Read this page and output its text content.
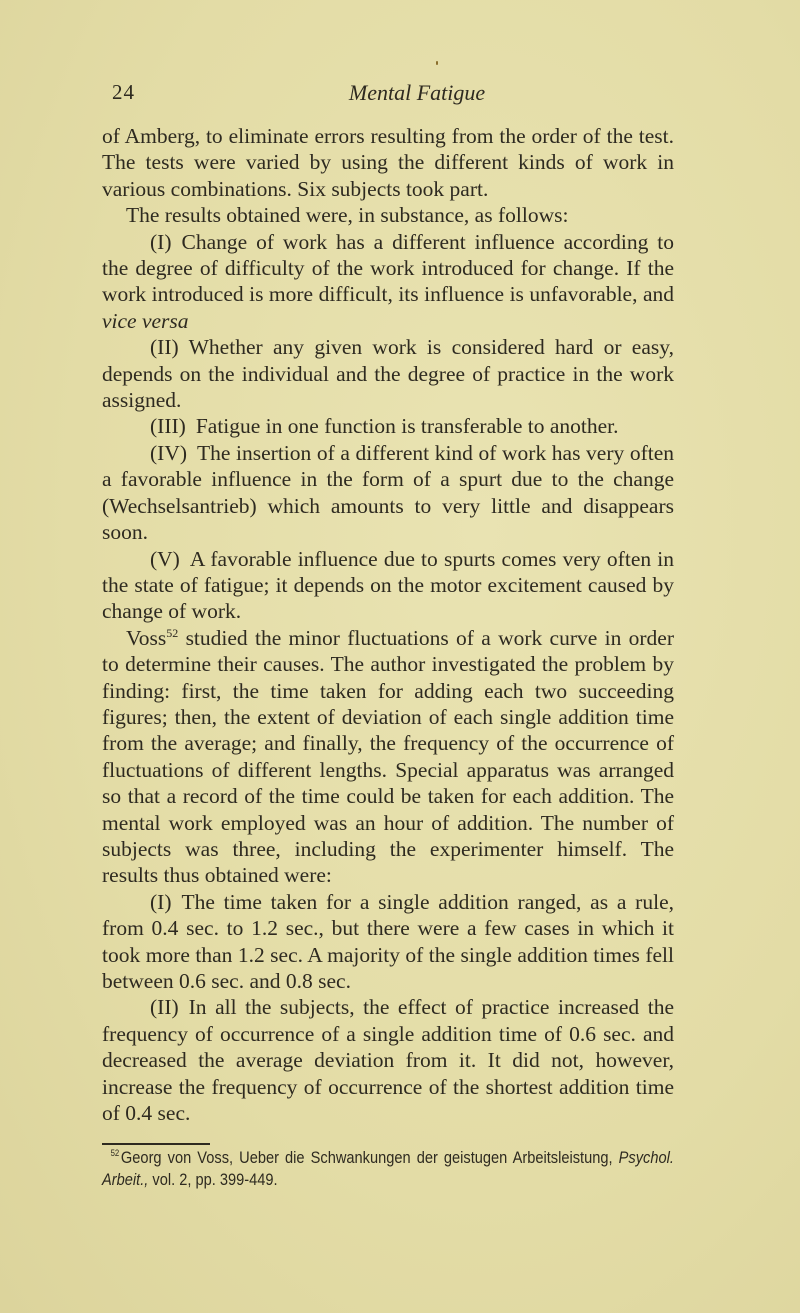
24	Mental Fatigue

of Amberg, to eliminate errors resulting from the order of the test. The tests were varied by using the different kinds of work in various combinations. Six subjects took part.

The results obtained were, in substance, as follows:

(I) Change of work has a different influence according to the degree of difficulty of the work introduced for change. If the work introduced is more difficult, its influence is unfavorable, and vice versa

(II) Whether any given work is considered hard or easy, depends on the individual and the degree of practice in the work assigned.

(III) Fatigue in one function is transferable to another.

(IV) The insertion of a different kind of work has very often a favorable influence in the form of a spurt due to the change (Wechselsantrieb) which amounts to very little and disappears soon.

(V) A favorable influence due to spurts comes very often in the state of fatigue; it depends on the motor excitement caused by change of work.

Voss$^{52}$ studied the minor fluctuations of a work curve in order to determine their causes. The author investigated the problem by finding: first, the time taken for adding each two succeeding figures; then, the extent of deviation of each single addition time from the average; and finally, the frequency of the occurrence of fluctuations of different lengths. Special apparatus was arranged so that a record of the time could be taken for each addition. The mental work employed was an hour of addition. The number of subjects was three, including the experimenter himself. The results thus obtained were:

(I) The time taken for a single addition ranged, as a rule, from 0.4 sec. to 1.2 sec., but there were a few cases in which it took more than 1.2 sec. A majority of the single addition times fell between 0.6 sec. and 0.8 sec.

(II) In all the subjects, the effect of practice increased the frequency of occurrence of a single addition time of 0.6 sec. and decreased the average deviation from it. It did not, however, increase the frequency of occurrence of the shortest addition time of 0.4 sec.

$^{52}$ Georg von Voss, Ueber die Schwankungen der geistugen Arbeitsleistung, Psychol. Arbeit., vol. 2, pp. 399-449.
